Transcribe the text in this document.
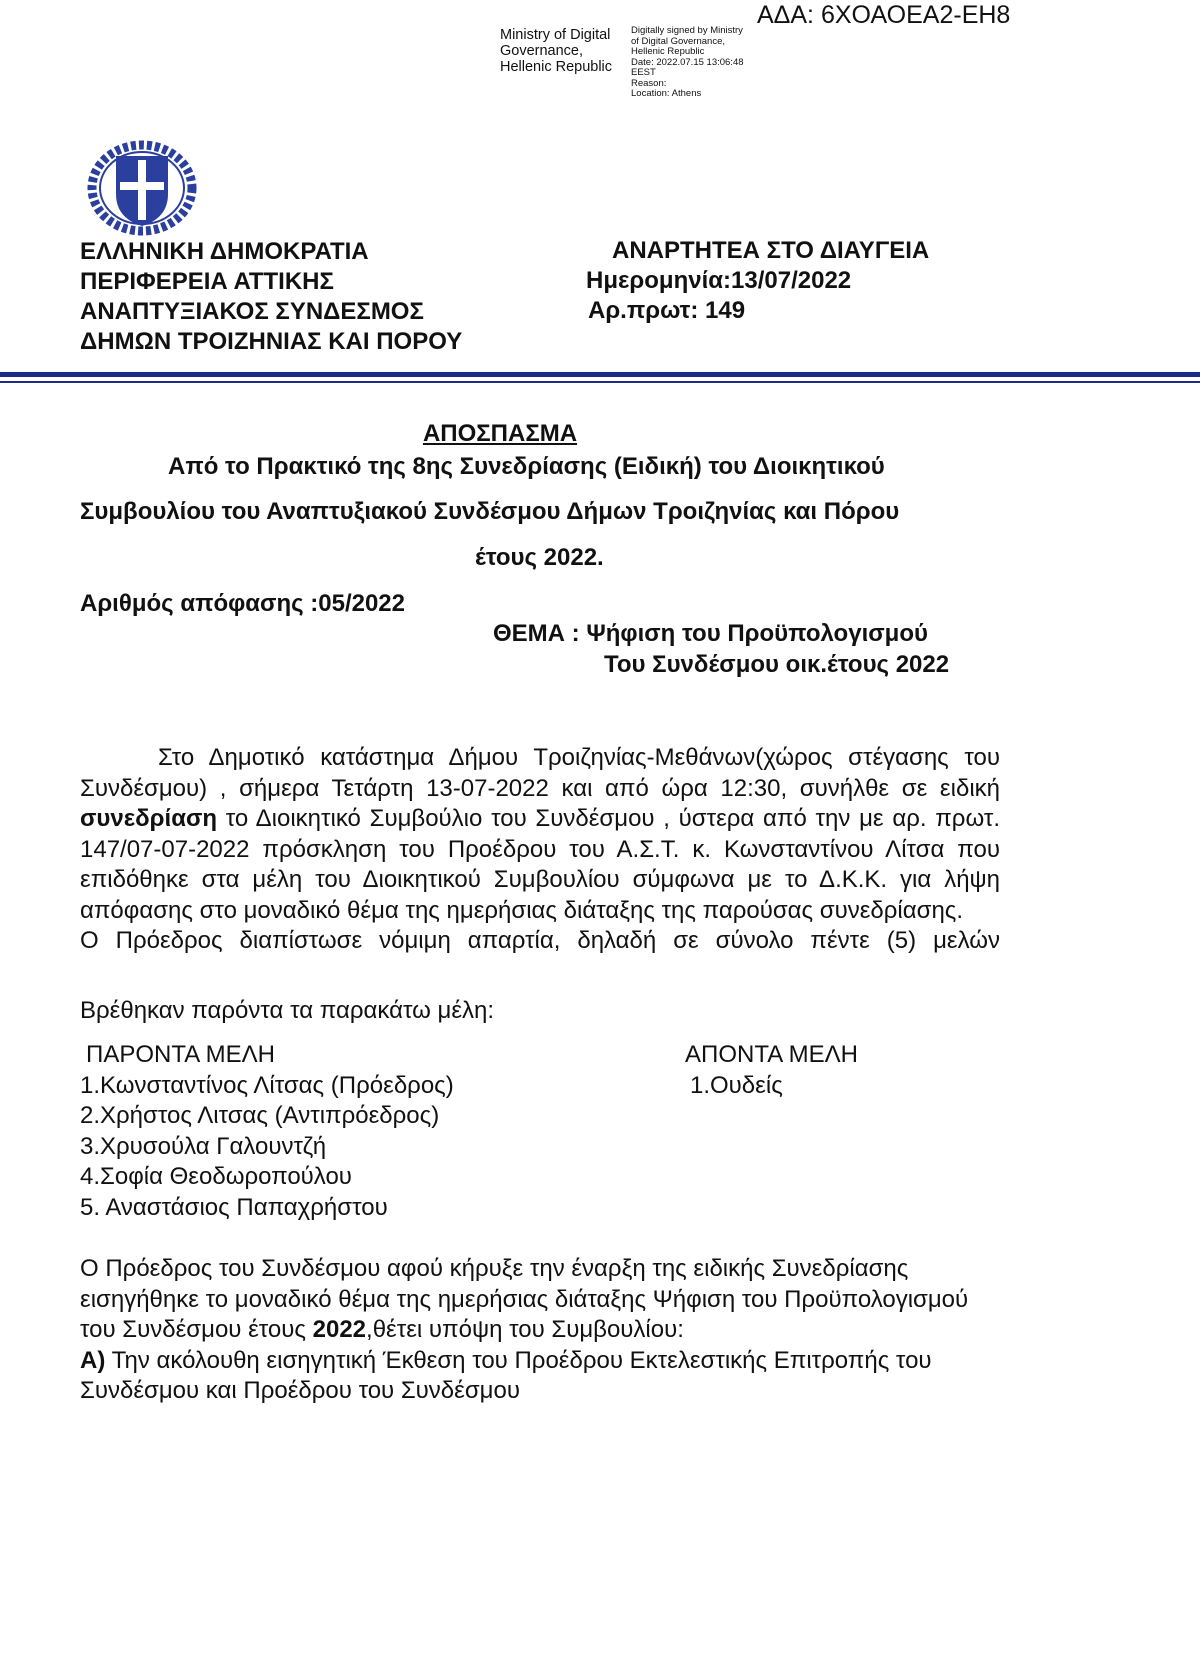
ΑΔΑ: 6ΧΟΑΟΕΑ2-ΕΗ8
Ministry of Digital
Governance,
Hellenic Republic
Digitally signed by Ministry
of Digital Governance,
Hellenic Republic
Date: 2022.07.15 13:06:48
EEST
Reason:
Location: Athens
ΕΛΛΗΝΙΚΗ ΔΗΜΟΚΡΑΤΙΑ
ΠΕΡΙΦΕΡΕΙΑ ΑΤΤΙΚΗΣ
ΑΝΑΠΤΥΞΙΑΚΟΣ ΣΥΝΔΕΣΜΟΣ
ΔΗΜΩΝ ΤΡΟΙΖΗΝΙΑΣ ΚΑΙ ΠΟΡΟΥ
ΑΝΑΡΤΗΤΕΑ ΣΤΟ ΔΙΑΥΓΕΙΑ
Ημερομηνία:13/07/2022
Αρ.πρωτ: 149
ΑΠΟΣΠΑΣΜΑ
Από το Πρακτικό της 8ης Συνεδρίασης (Ειδική) του Διοικητικού
Συμβουλίου του Αναπτυξιακού Συνδέσμου Δήμων Τροιζηνίας και Πόρου
έτους 2022.
Αριθμός απόφασης :05/2022
ΘΕΜΑ : Ψήφιση του Προϋπολογισμού
Του Συνδέσμου οικ.έτους 2022

Στο Δημοτικό κατάστημα Δήμου Τροιζηνίας-Μεθάνων(χώρος στέγασης του Συνδέσμου) , σήμερα Τετάρτη 13-07-2022 και από ώρα 12:30, συνήλθε σε ειδική συνεδρίαση το Διοικητικό Συμβούλιο του Συνδέσμου , ύστερα από την με αρ. πρωτ. 147/07-07-2022 πρόσκληση του Προέδρου του Α.Σ.Τ. κ. Κωνσταντίνου Λίτσα που επιδόθηκε στα μέλη του Διοικητικού Συμβουλίου σύμφωνα με το Δ.Κ.Κ. για λήψη απόφασης στο μοναδικό θέμα της ημερήσιας διάταξης της παρούσας συνεδρίασης.

Ο Πρόεδρος διαπίστωσε νόμιμη απαρτία, δηλαδή σε σύνολο πέντε (5) μελών

Βρέθηκαν παρόντα τα παρακάτω μέλη:
ΠΑΡΟΝΤΑ ΜΕΛΗ
1.Κωνσταντίνος Λίτσας (Πρόεδρος)
2.Χρήστος Λιτσας (Αντιπρόεδρος)
3.Χρυσούλα Γαλουντζή
4.Σοφία Θεοδωροπούλου
5. Αναστάσιος Παπαχρήστου
ΑΠΟΝΤΑ ΜΕΛΗ
1.Ουδείς

Ο Πρόεδρος του Συνδέσμου αφού κήρυξε την έναρξη της ειδικής Συνεδρίασης εισηγήθηκε το μοναδικό θέμα της ημερήσιας διάταξης Ψήφιση του Προϋπολογισμού του Συνδέσμου έτους 2022,θέτει υπόψη του Συμβουλίου:

Α) Την ακόλουθη εισηγητική Έκθεση του Προέδρου Εκτελεστικής Επιτροπής του Συνδέσμου και Προέδρου του Συνδέσμου
